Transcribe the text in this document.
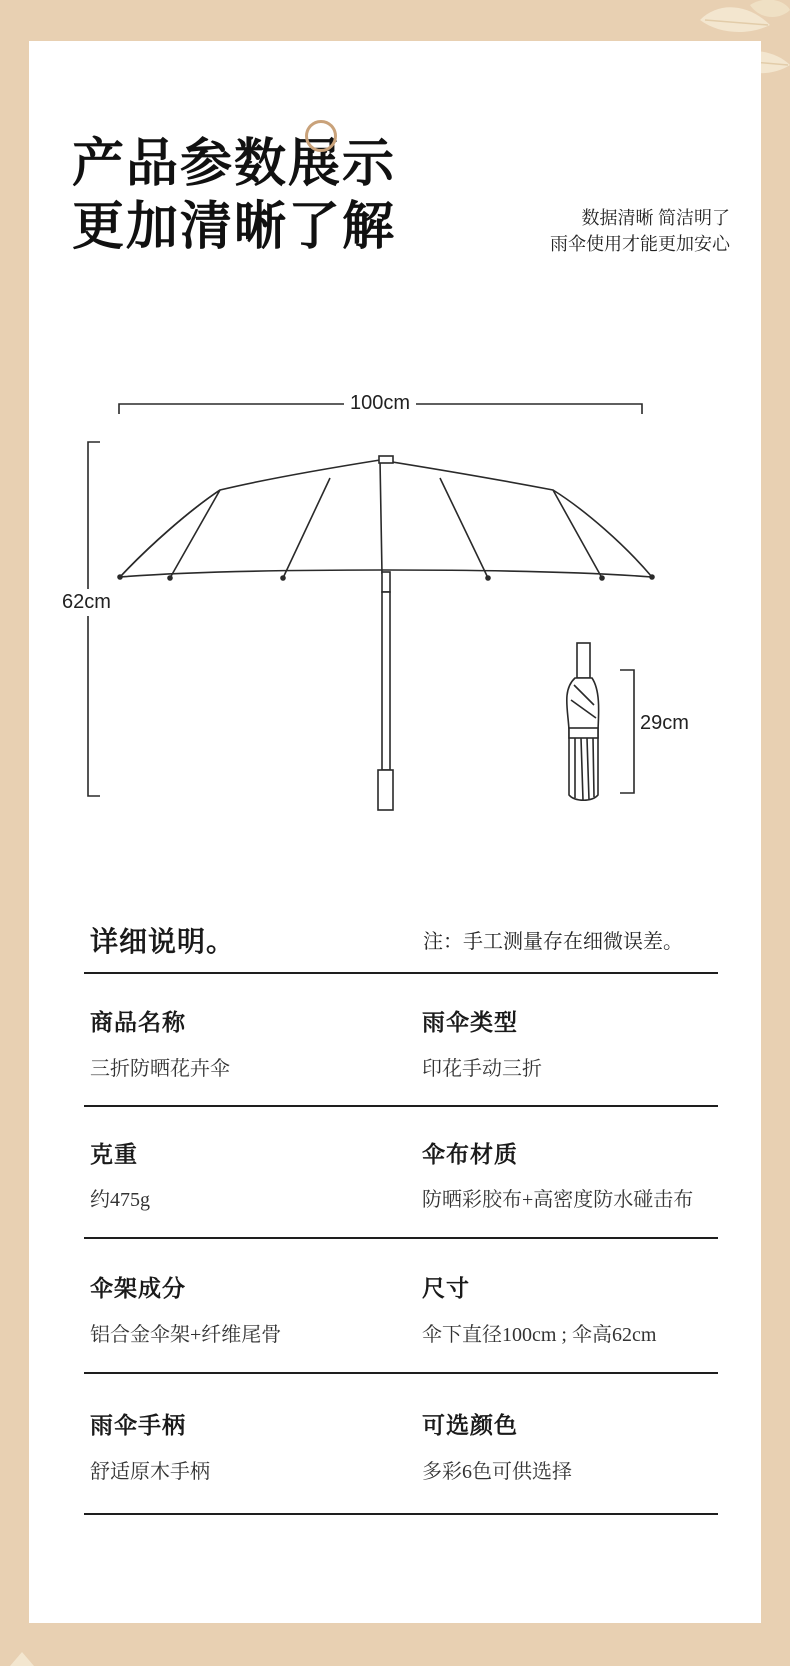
产品参数展示
更加清晰了解	数据清晰 简洁明了
雨伞使用才能更加安心
100cm
62cm
29cm
详细说明。	注：手工测量存在细微误差。
商品名称	雨伞类型
三折防晒花卉伞	印花手动三折
克重	伞布材质
约475g	防晒彩胶布+高密度防水碰击布
伞架成分	尺寸
铝合金伞架+纤维尾骨	伞下直径100cm ; 伞高62cm
雨伞手柄	可选颜色
舒适原木手柄	多彩6色可供选择
